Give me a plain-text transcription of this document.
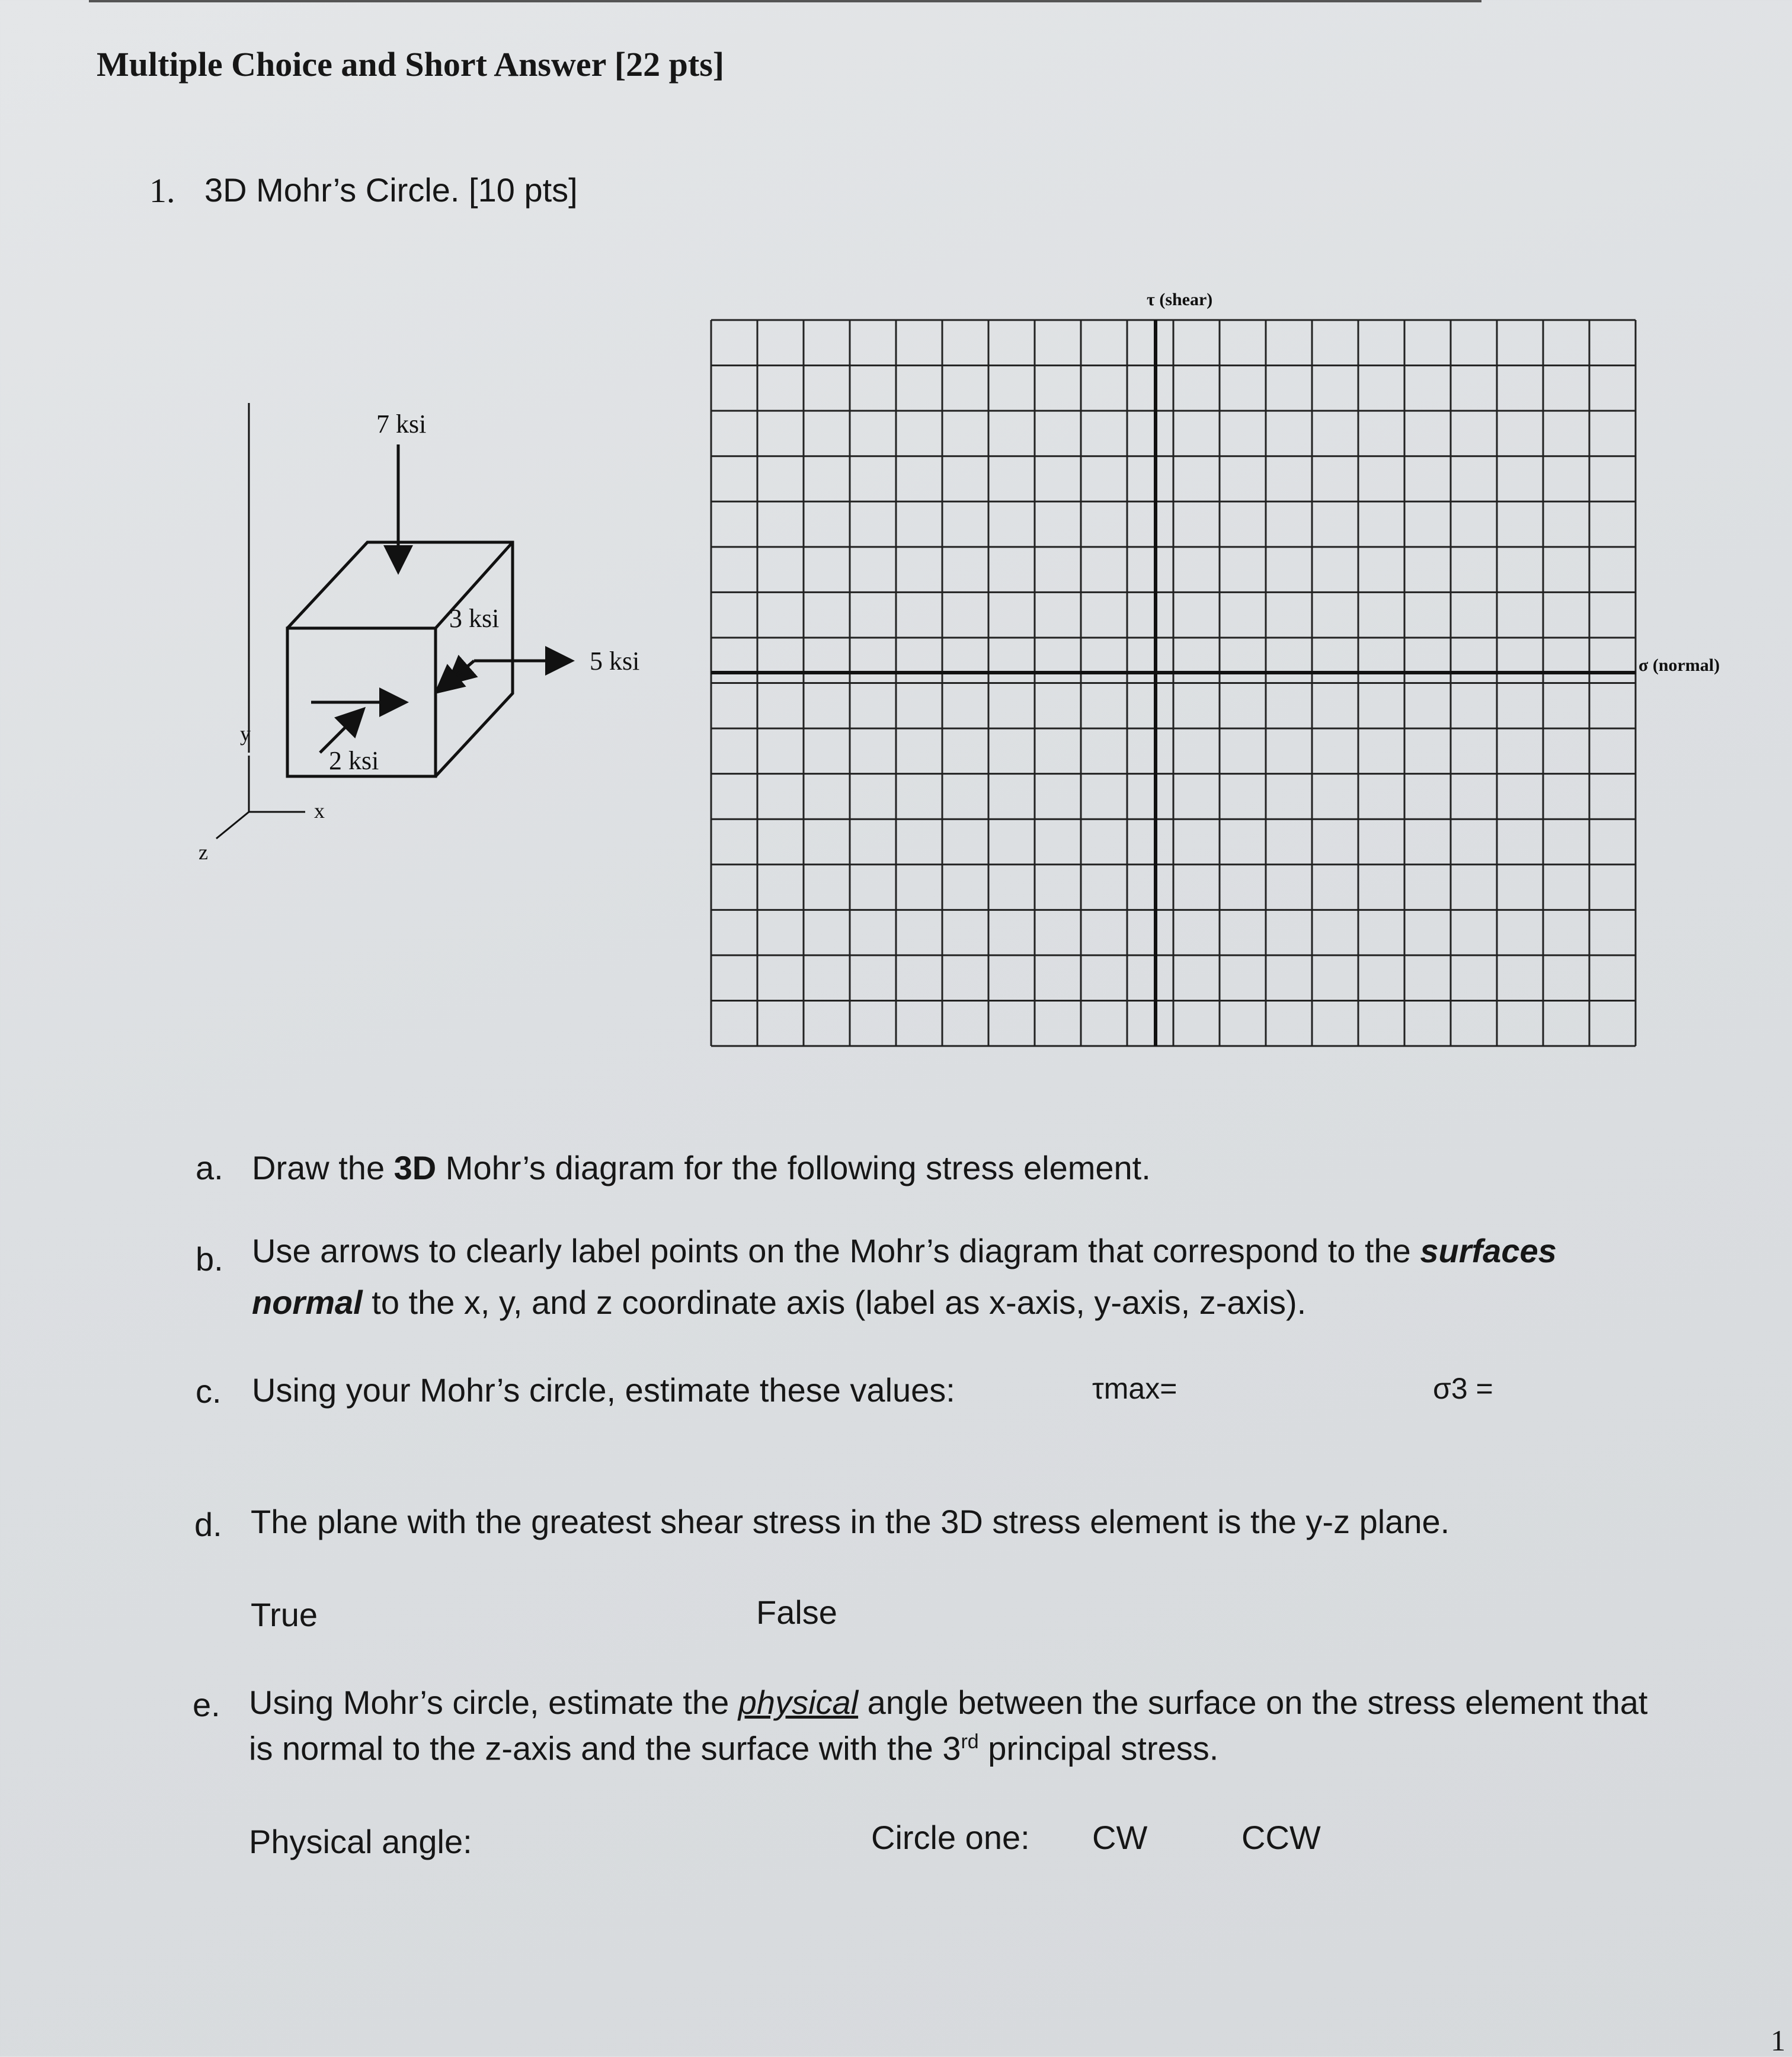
Multiple Choice and Short Answer [22 pts]
1. 3D Mohr’s Circle. [10 pts]
7 ksi
5 ksi
3 ksi
2 ksi
y
x
z
τ (shear)
σ (normal)
a. Draw the 3D Mohr’s diagram for the following stress element.
b. Use arrows to clearly label points on the Mohr’s diagram that correspond to the surfaces
normal to the x, y, and z coordinate axis (label as x-axis, y-axis, z-axis).
c. Using your Mohr’s circle, estimate these values:	τmax=	σ3 =
d. The plane with the greatest shear stress in the 3D stress element is the y-z plane.
True	False
e. Using Mohr’s circle, estimate the physical angle between the surface on the stress element that
is normal to the z-axis and the surface with the 3rd principal stress.
Physical angle:	Circle one: CW	CCW
1
